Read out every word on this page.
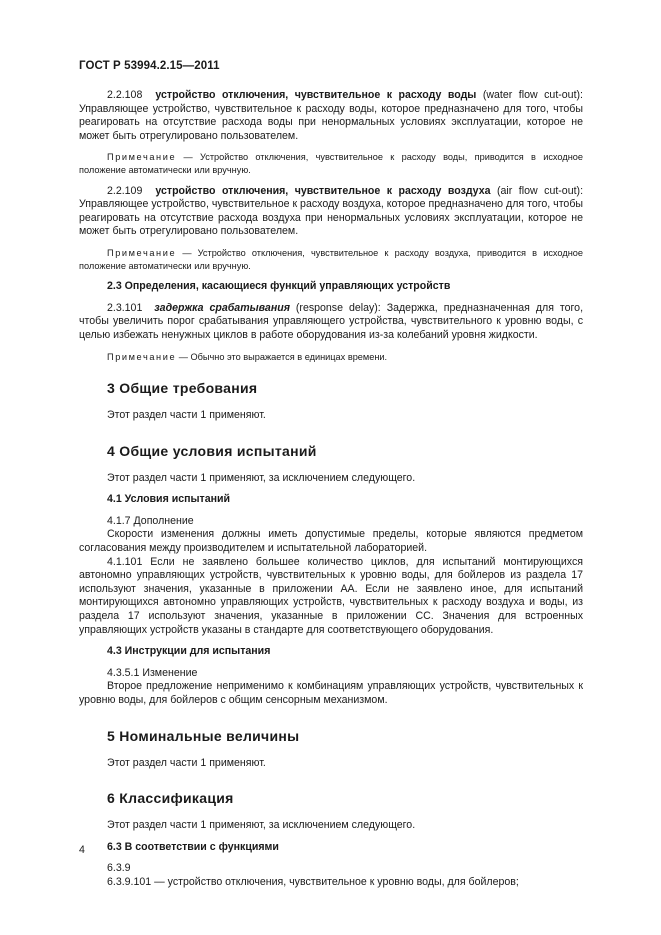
ГОСТ Р 53994.2.15—2011

2.2.108 устройство отключения, чувствительное к расходу воды (water flow cut-out): Управляющее устройство, чувствительное к расходу воды, которое предназначено для того, чтобы реагировать на отсутствие расхода воды при ненормальных условиях эксплуатации, которое не может быть отрегулировано пользователем.

Примечание — Устройство отключения, чувствительное к расходу воды, приводится в исходное положение автоматически или вручную.

2.2.109 устройство отключения, чувствительное к расходу воздуха (air flow cut-out): Управляющее устройство, чувствительное к расходу воздуха, которое предназначено для того, чтобы реагировать на отсутствие расхода воздуха при ненормальных условиях эксплуатации, которое не может быть отрегулировано пользователем.

Примечание — Устройство отключения, чувствительное к расходу воздуха, приводится в исходное положение автоматически или вручную.

2.3 Определения, касающиеся функций управляющих устройств

2.3.101 задержка срабатывания (response delay): Задержка, предназначенная для того, чтобы увеличить порог срабатывания управляющего устройства, чувствительного к уровню воды, с целью избежать ненужных циклов в работе оборудования из-за колебаний уровня жидкости.

Примечание — Обычно это выражается в единицах времени.

3 Общие требования

Этот раздел части 1 применяют.

4 Общие условия испытаний

Этот раздел части 1 применяют, за исключением следующего.

4.1 Условия испытаний

4.1.7 Дополнение

Скорости изменения должны иметь допустимые пределы, которые являются предметом согласования между производителем и испытательной лабораторией.

4.1.101 Если не заявлено большее количество циклов, для испытаний монтирующихся автономно управляющих устройств, чувствительных к уровню воды, для бойлеров из раздела 17 используют значения, указанные в приложении АА. Если не заявлено иное, для испытаний монтирующихся автономно управляющих устройств, чувствительных к расходу воздуха и воды, из раздела 17 используют значения, указанные в приложении СС. Значения для встроенных управляющих устройств указаны в стандарте для соответствующего оборудования.

4.3 Инструкции для испытания

4.3.5.1 Изменение

Второе предложение неприменимо к комбинациям управляющих устройств, чувствительных к уровню воды, для бойлеров с общим сенсорным механизмом.

5 Номинальные величины

Этот раздел части 1 применяют.

6 Классификация

Этот раздел части 1 применяют, за исключением следующего.

6.3 В соответствии с функциями

6.3.9

6.3.9.101 — устройство отключения, чувствительное к уровню воды, для бойлеров;

4
